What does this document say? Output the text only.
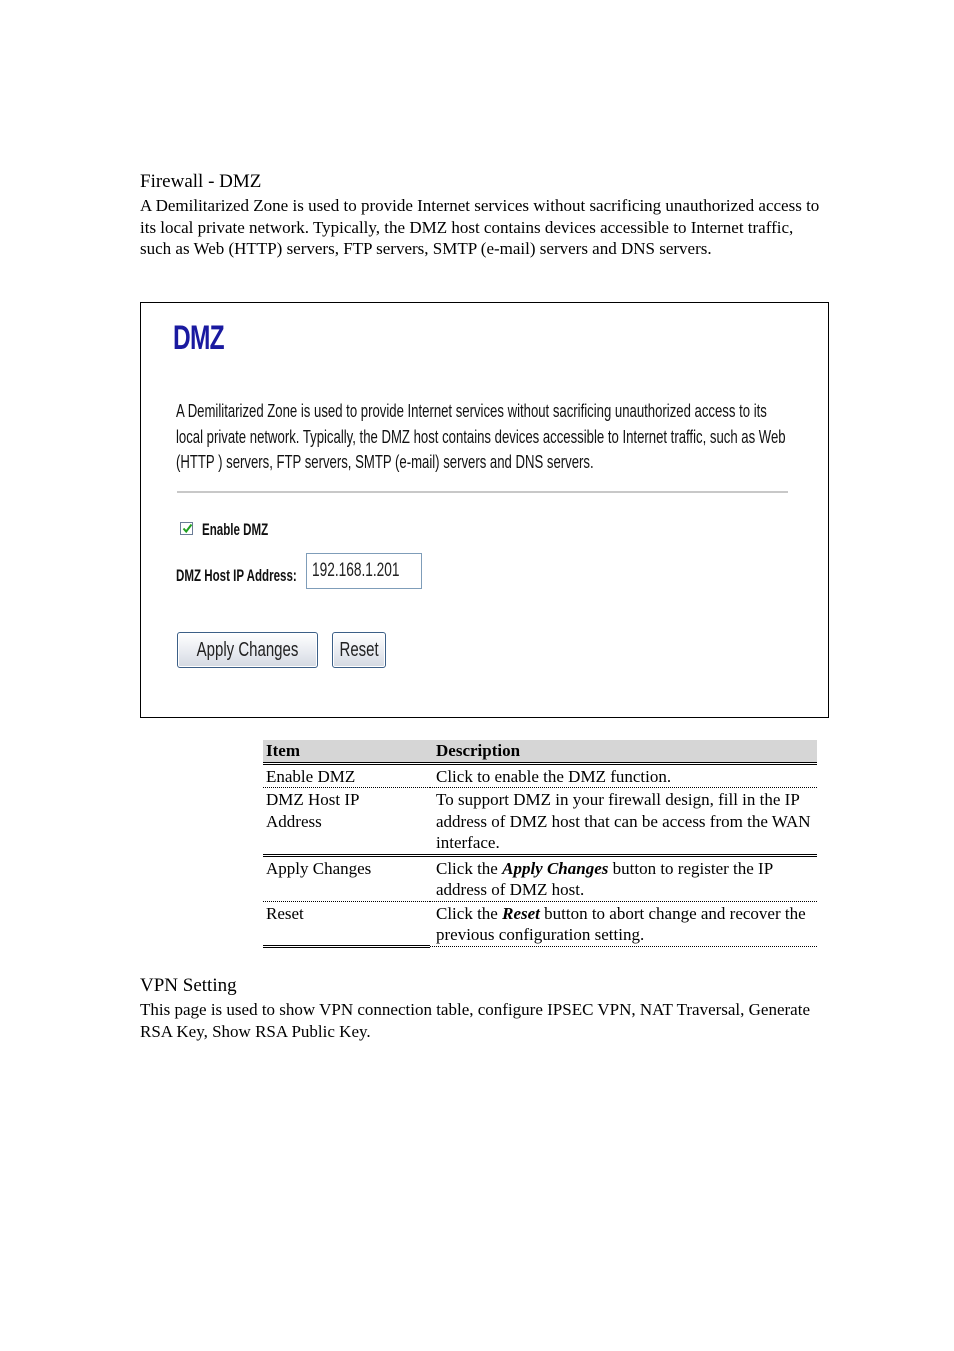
Firewall - DMZ
A Demilitarized Zone is used to provide Internet services without sacrificing unauthorized access to its local private network. Typically, the DMZ host contains devices accessible to Internet traffic, such as Web (HTTP) servers, FTP servers, SMTP (e-mail) servers and DNS servers.
DMZ
A Demilitarized Zone is used to provide Internet services without sacrificing unauthorized access to its local private network. Typically, the DMZ host contains devices accessible to Internet traffic, such as Web (HTTP ) servers, FTP servers, SMTP (e-mail) servers and DNS servers.
Enable DMZ
DMZ Host IP Address: 192.168.1.201
Apply Changes Reset
Item	Description
Enable DMZ	Click to enable the DMZ function.

DMZ Host IP Address	To support DMZ in your firewall design, fill in the IP address of DMZ host that can be access from the WAN interface.
Apply Changes	Click the Apply Changes button to register the IP address of DMZ host.
Reset	Click the Reset button to abort change and recover the previous configuration setting.
VPN Setting
This page is used to show VPN connection table, configure IPSEC VPN, NAT Traversal, Generate RSA Key, Show RSA Public Key.
